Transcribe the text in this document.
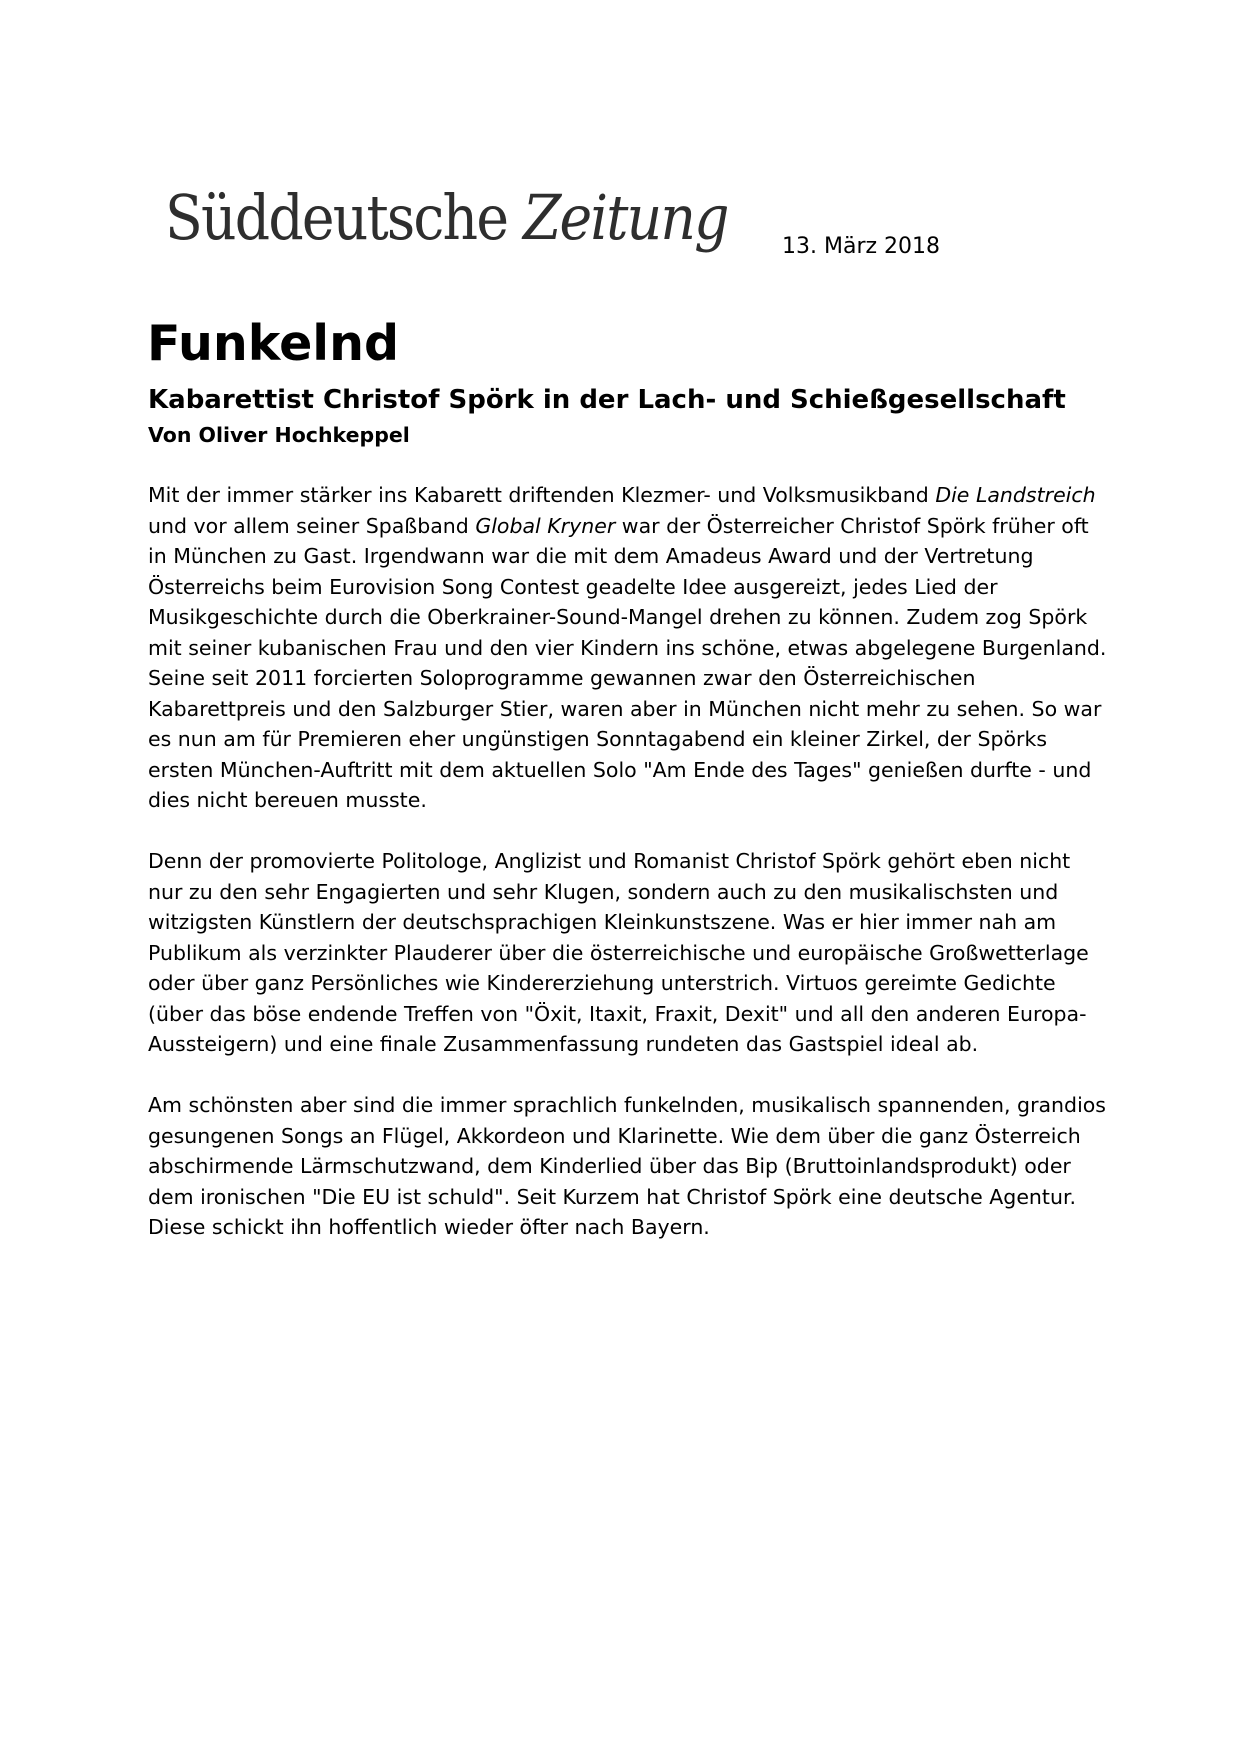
Süddeutsche Zeitung 13. März 2018
Funkelnd
Kabarettist Christof Spörk in der Lach- und Schießgesellschaft
Von Oliver Hochkeppel
Mit der immer stärker ins Kabarett driftenden Klezmer- und Volksmusikband Die Landstreich
und vor allem seiner Spaßband Global Kryner war der Österreicher Christof Spörk früher oft
in München zu Gast. Irgendwann war die mit dem Amadeus Award und der Vertretung
Österreichs beim Eurovision Song Contest geadelte Idee ausgereizt, jedes Lied der
Musikgeschichte durch die Oberkrainer-Sound-Mangel drehen zu können. Zudem zog Spörk
mit seiner kubanischen Frau und den vier Kindern ins schöne, etwas abgelegene Burgenland.
Seine seit 2011 forcierten Soloprogramme gewannen zwar den Österreichischen
Kabarettpreis und den Salzburger Stier, waren aber in München nicht mehr zu sehen. So war
es nun am für Premieren eher ungünstigen Sonntagabend ein kleiner Zirkel, der Spörks
ersten München-Auftritt mit dem aktuellen Solo "Am Ende des Tages" genießen durfte - und
dies nicht bereuen musste.
Denn der promovierte Politologe, Anglizist und Romanist Christof Spörk gehört eben nicht
nur zu den sehr Engagierten und sehr Klugen, sondern auch zu den musikalischsten und
witzigsten Künstlern der deutschsprachigen Kleinkunstszene. Was er hier immer nah am
Publikum als verzinkter Plauderer über die österreichische und europäische Großwetterlage
oder über ganz Persönliches wie Kindererziehung unterstrich. Virtuos gereimte Gedichte
(über das böse endende Treffen von "Öxit, Itaxit, Fraxit, Dexit" und all den anderen Europa-
Aussteigern) und eine finale Zusammenfassung rundeten das Gastspiel ideal ab.
Am schönsten aber sind die immer sprachlich funkelnden, musikalisch spannenden, grandios
gesungenen Songs an Flügel, Akkordeon und Klarinette. Wie dem über die ganz Österreich
abschirmende Lärmschutzwand, dem Kinderlied über das Bip (Bruttoinlandsprodukt) oder
dem ironischen "Die EU ist schuld". Seit Kurzem hat Christof Spörk eine deutsche Agentur.
Diese schickt ihn hoffentlich wieder öfter nach Bayern.
